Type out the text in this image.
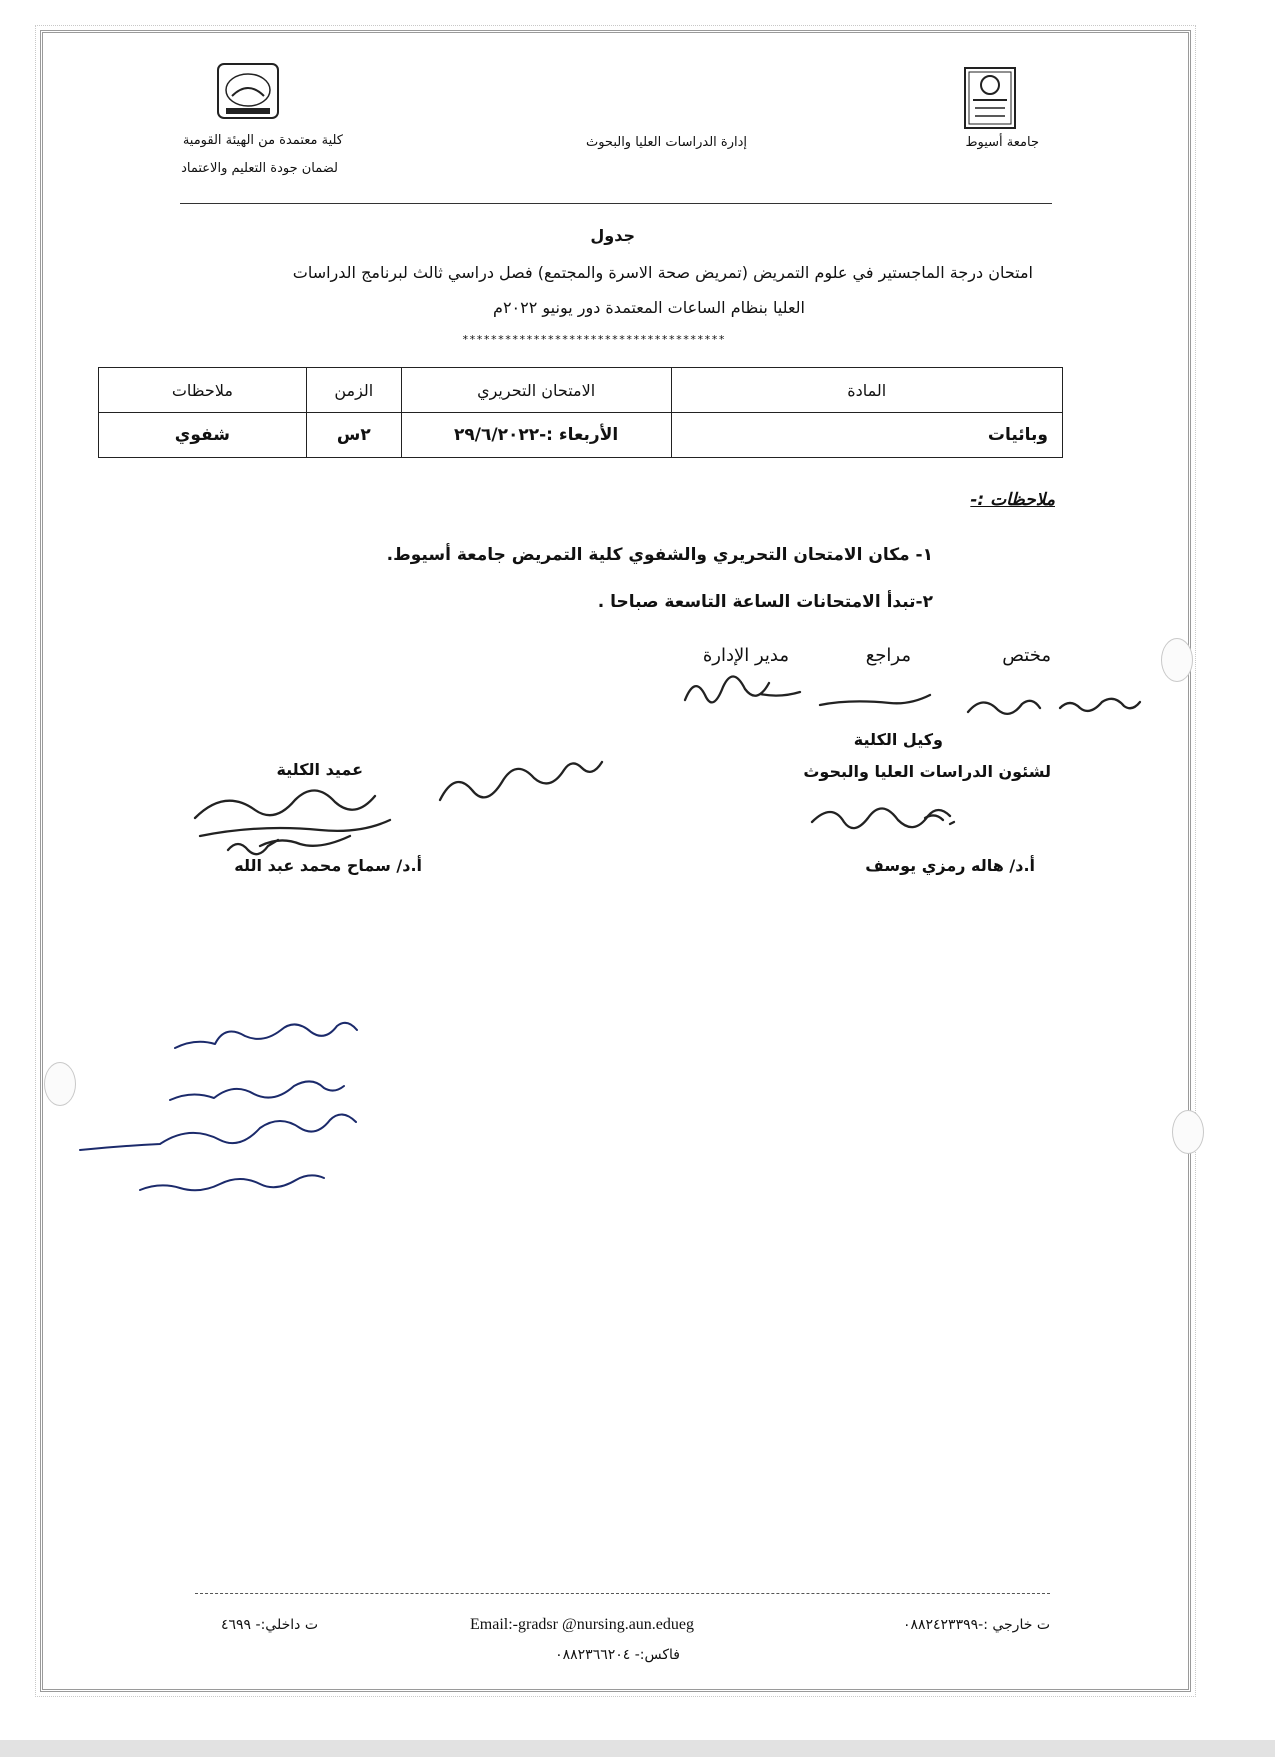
جامعة أسيوط
إدارة الدراسات العليا والبحوث
كلية معتمدة من الهيئة القومية
لضمان جودة التعليم والاعتماد
جدول
امتحان درجة الماجستير في علوم التمريض (تمريض صحة الاسرة والمجتمع) فصل دراسي ثالث لبرنامج الدراسات
العليا بنظام الساعات المعتمدة دور يونيو ٢٠٢٢م
*************************************
المادة	الامتحان التحريري	الزمن	ملاحظات
وبائيات	الأربعاء :-٢٩/٦/٢٠٢٢	٢س	شفوي
ملاحظات :-
١- مكان الامتحان التحريري والشفوي كلية التمريض جامعة أسيوط.
٢-تبدأ الامتحانات الساعة التاسعة صباحا .
مختص
مراجع
مدير الإدارة
وكيل الكلية
لشئون الدراسات العليا والبحوث
أ.د/ هاله رمزي يوسف
عميد الكلية
أ.د/ سماح محمد عبد الله
ت خارجي :-٠٨٨٢٤٢٣٣٩٩
Email:-gradsr @nursing.aun.edueg
ت داخلي:- ٤٦٩٩
فاكس:- ٠٨٨٢٣٦٦٢٠٤
